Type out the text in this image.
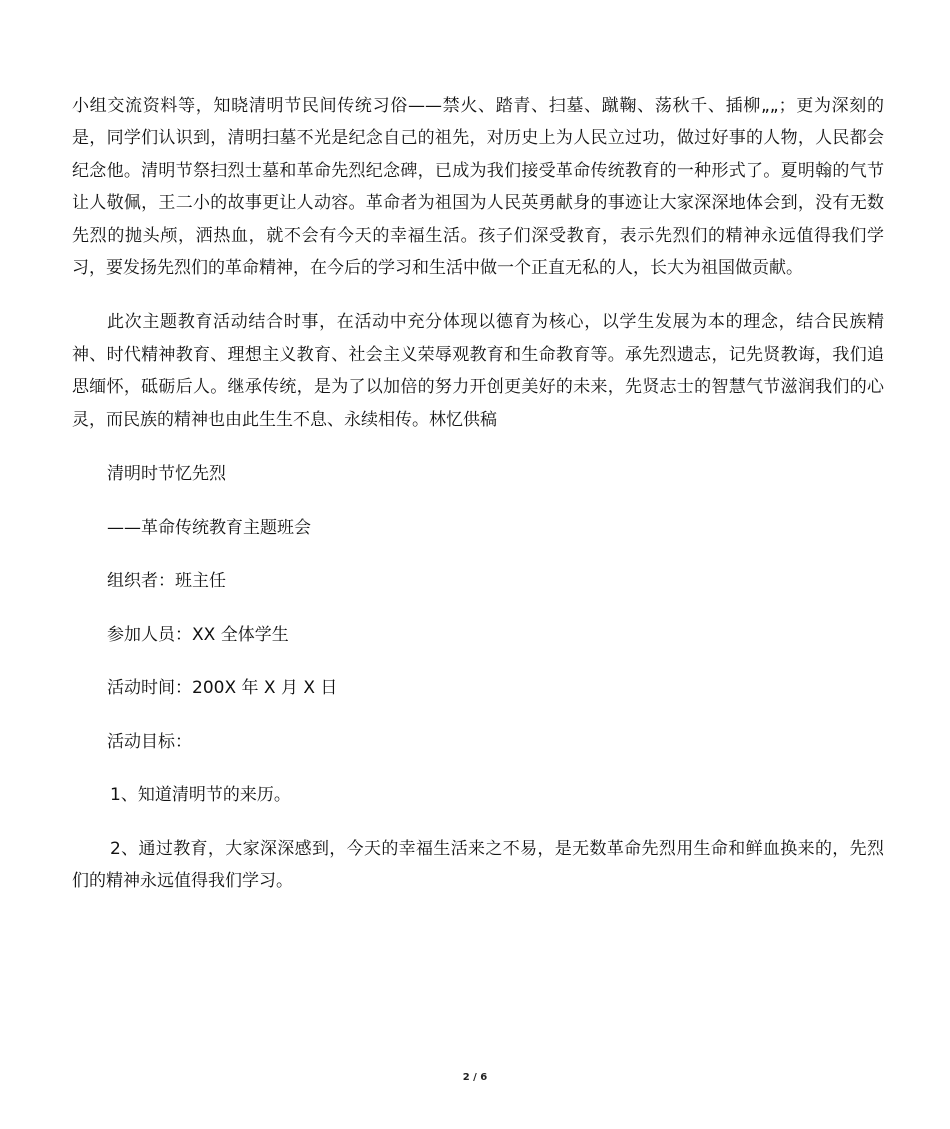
小组交流资料等，知晓清明节民间传统习俗——禁火、踏青、扫墓、蹴鞠、荡秋千、插柳„„；更为深刻的是，同学们认识到，清明扫墓不光是纪念自己的祖先，对历史上为人民立过功，做过好事的人物，人民都会纪念他。清明节祭扫烈士墓和革命先烈纪念碑，已成为我们接受革命传统教育的一种形式了。夏明翰的气节让人敬佩，王二小的故事更让人动容。革命者为祖国为人民英勇献身的事迹让大家深深地体会到，没有无数先烈的抛头颅，洒热血，就不会有今天的幸福生活。孩子们深受教育，表示先烈们的精神永远值得我们学习，要发扬先烈们的革命精神，在今后的学习和生活中做一个正直无私的人，长大为祖国做贡献。

此次主题教育活动结合时事，在活动中充分体现以德育为核心，以学生发展为本的理念，结合民族精神、时代精神教育、理想主义教育、社会主义荣辱观教育和生命教育等。承先烈遗志，记先贤教诲，我们追思缅怀，砥砺后人。继承传统，是为了以加倍的努力开创更美好的未来，先贤志士的智慧气节滋润我们的心灵，而民族的精神也由此生生不息、永续相传。林忆供稿

清明时节忆先烈

——革命传统教育主题班会

组织者：班主任

参加人员：XX 全体学生

活动时间：200X 年 X 月 X 日

活动目标：

1、知道清明节的来历。

2、通过教育，大家深深感到，今天的幸福生活来之不易，是无数革命先烈用生命和鲜血换来的，先烈们的精神永远值得我们学习。

2 / 6
